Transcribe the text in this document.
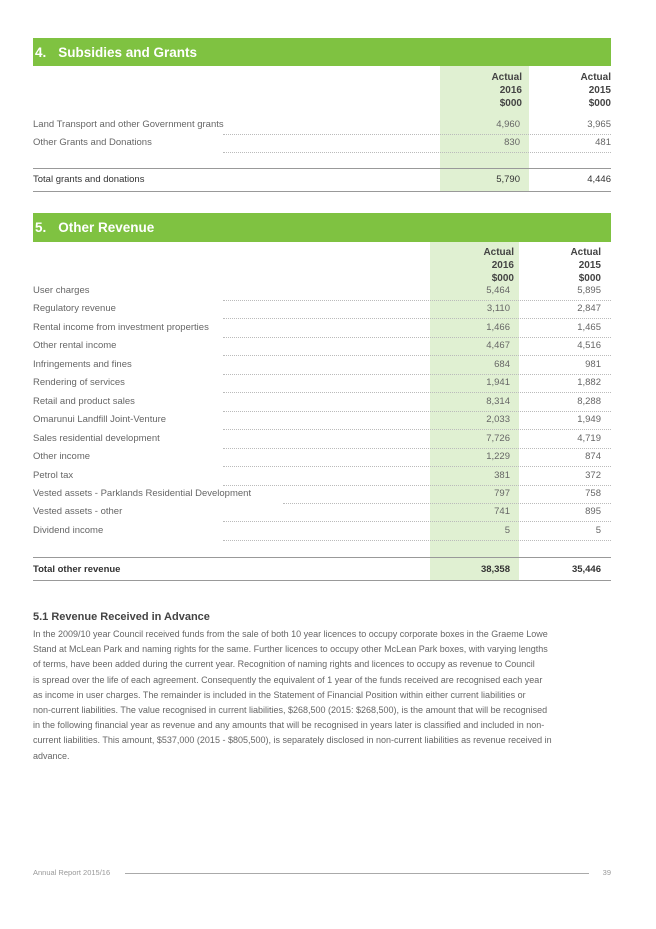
4. Subsidies and Grants
Actual
2016
$000
Actual
2015
$000
Land Transport and other Government grants	4,960	3,965
Other Grants and Donations	830	481
Total grants and donations	5,790	4,446
5. Other Revenue
Actual
2016
$000
Actual
2015
$000
User charges	5,464	5,895
Regulatory revenue	3,110	2,847
Rental income from investment properties	1,466	1,465
Other rental income	4,467	4,516
Infringements and fines	684	981
Rendering of services	1,941	1,882
Retail and product sales	8,314	8,288
Omarunui Landfill Joint-Venture	2,033	1,949
Sales residential development	7,726	4,719
Other income	1,229	874
Petrol tax	381	372
Vested assets - Parklands Residential Development	797	758
Vested assets - other	741	895
Dividend income	5	5
Total other revenue	38,358	35,446
5.1 Revenue Received in Advance
In the 2009/10 year Council received funds from the sale of both 10 year licences to occupy corporate boxes in the Graeme Lowe
Stand at McLean Park and naming rights for the same. Further licences to occupy other McLean Park boxes, with varying lengths
of terms, have been added during the current year. Recognition of naming rights and licences to occupy as revenue to Council
is spread over the life of each agreement. Consequently the equivalent of 1 year of the funds received are recognised each year
as income in user charges. The remainder is included in the Statement of Financial Position within either current liabilities or
non-current liabilities. The value recognised in current liabilities, $268,500 (2015: $268,500), is the amount that will be recognised
in the following financial year as revenue and any amounts that will be recognised in years later is classified and included in non-
current liabilities. This amount, $537,000 (2015 - $805,500), is separately disclosed in non-current liabilities as revenue received in
advance.
Annual Report 2015/16	39
